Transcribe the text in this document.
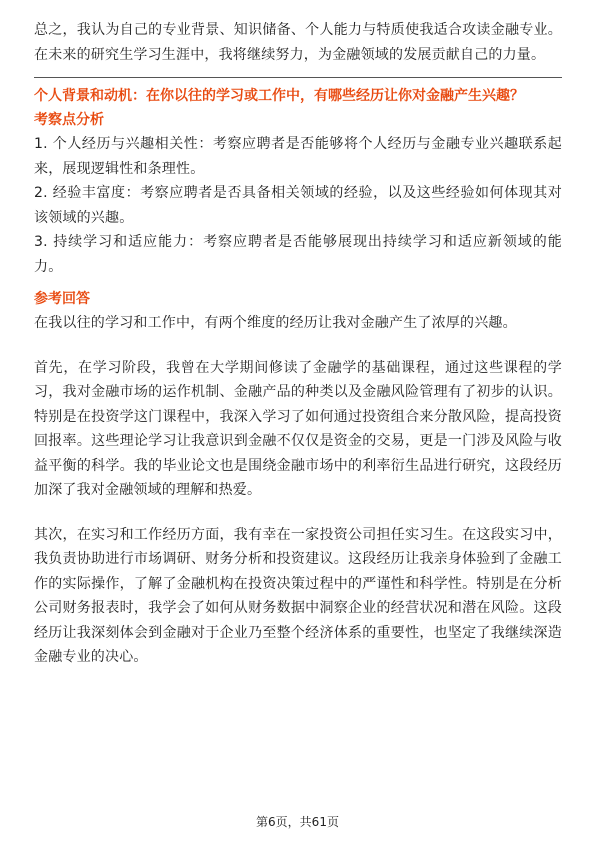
总之，我认为自己的专业背景、知识储备、个人能力与特质使我适合攻读金融专业。在未来的研究生学习生涯中，我将继续努力，为金融领域的发展贡献自己的力量。

个人背景和动机：在你以往的学习或工作中，有哪些经历让你对金融产生兴趣？
考察点分析

1. 个人经历与兴趣相关性：考察应聘者是否能够将个人经历与金融专业兴趣联系起来，展现逻辑性和条理性。

2. 经验丰富度：考察应聘者是否具备相关领域的经验，以及这些经验如何体现其对该领域的兴趣。

3. 持续学习和适应能力：考察应聘者是否能够展现出持续学习和适应新领域的能力。

参考回答

在我以往的学习和工作中，有两个维度的经历让我对金融产生了浓厚的兴趣。

首先，在学习阶段，我曾在大学期间修读了金融学的基础课程，通过这些课程的学习，我对金融市场的运作机制、金融产品的种类以及金融风险管理有了初步的认识。特别是在投资学这门课程中，我深入学习了如何通过投资组合来分散风险，提高投资回报率。这些理论学习让我意识到金融不仅仅是资金的交易，更是一门涉及风险与收益平衡的科学。我的毕业论文也是围绕金融市场中的利率衍生品进行研究，这段经历加深了我对金融领域的理解和热爱。

其次，在实习和工作经历方面，我有幸在一家投资公司担任实习生。在这段实习中，我负责协助进行市场调研、财务分析和投资建议。这段经历让我亲身体验到了金融工作的实际操作，了解了金融机构在投资决策过程中的严谨性和科学性。特别是在分析公司财务报表时，我学会了如何从财务数据中洞察企业的经营状况和潜在风险。这段经历让我深刻体会到金融对于企业乃至整个经济体系的重要性，也坚定了我继续深造金融专业的决心。

第6页，共61页
